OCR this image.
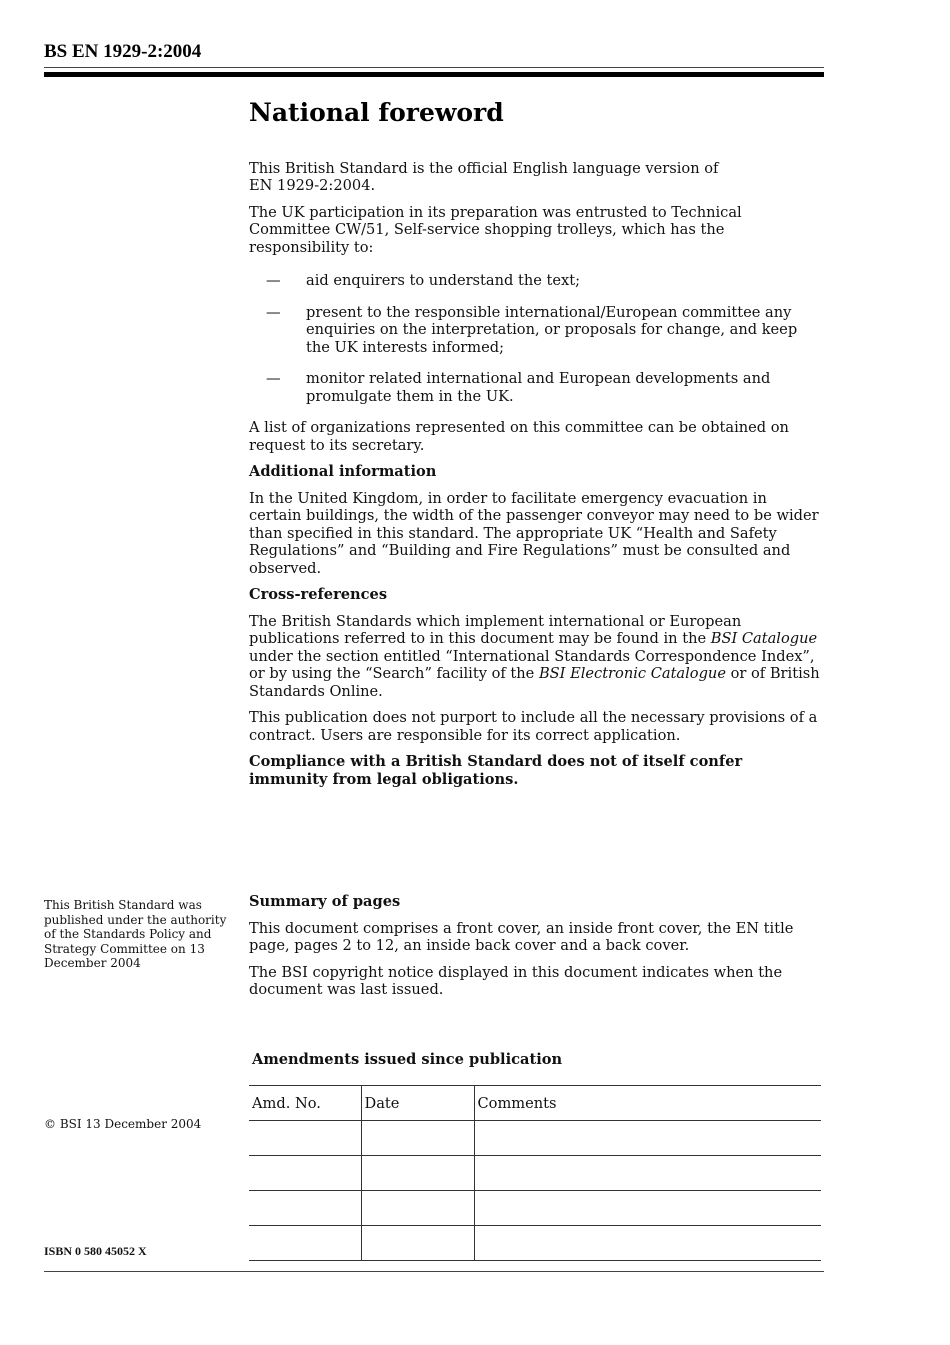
BS EN 1929-2:2004
National foreword

This British Standard is the official English language version of EN 1929-2:2004.

The UK participation in its preparation was entrusted to Technical Committee CW/51, Self-service shopping trolleys, which has the responsibility to:

—	aid enquirers to understand the text;
—	present to the responsible international/European committee any enquiries on the interpretation, or proposals for change, and keep the UK interests informed;
—	monitor related international and European developments and promulgate them in the UK.

A list of organizations represented on this committee can be obtained on request to its secretary.

Additional information

In the United Kingdom, in order to facilitate emergency evacuation in certain buildings, the width of the passenger conveyor may need to be wider than specified in this standard. The appropriate UK “Health and Safety Regulations” and “Building and Fire Regulations” must be consulted and observed.

Cross-references

The British Standards which implement international or European publications referred to in this document may be found in the BSI Catalogue under the section entitled “International Standards Correspondence Index”, or by using the “Search” facility of the BSI Electronic Catalogue or of British Standards Online.

This publication does not purport to include all the necessary provisions of a contract. Users are responsible for its correct application.

Compliance with a British Standard does not of itself confer immunity from legal obligations.

This British Standard was published under the authority of the Standards Policy and Strategy Committee on 13 December 2004

Summary of pages

This document comprises a front cover, an inside front cover, the EN title page, pages 2 to 12, an inside back cover and a back cover.

The BSI copyright notice displayed in this document indicates when the document was last issued.

© BSI 13 December 2004
Amendments issued since publication
Amd. No.	Date	Comments

ISBN 0 580 45052 X
